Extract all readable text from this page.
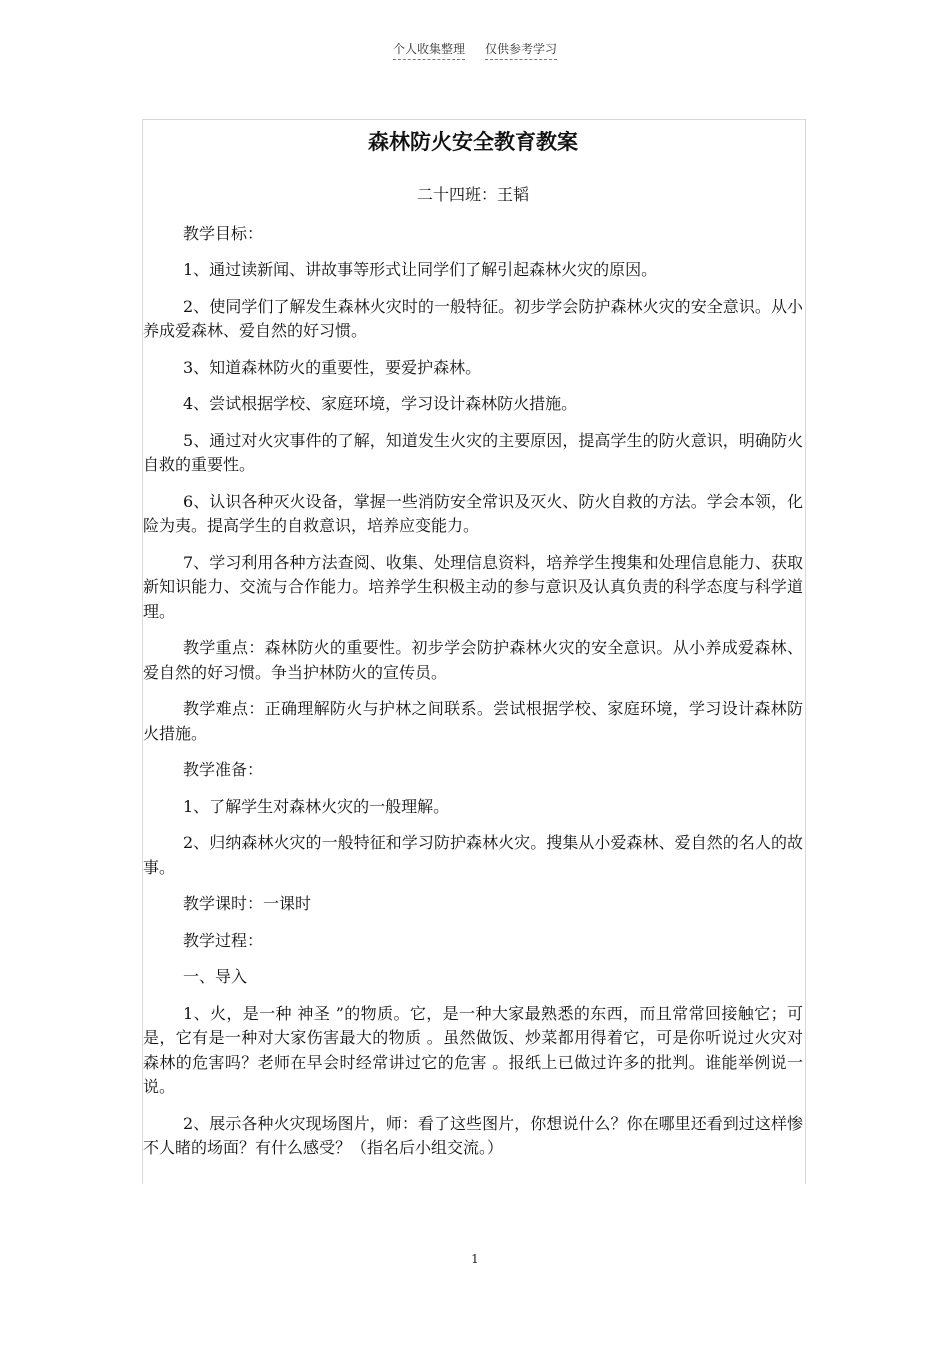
个人收集整理 仅供参考学习
森林防火安全教育教案

二十四班：王韬

教学目标：

1、通过读新闻、讲故事等形式让同学们了解引起森林火灾的原因。

2、使同学们了解发生森林火灾时的一般特征。初步学会防护森林火灾的安全意识。从小养成爱森林、爱自然的好习惯。

3、知道森林防火的重要性，要爱护森林。

4、尝试根据学校、家庭环境，学习设计森林防火措施。

5、通过对火灾事件的了解，知道发生火灾的主要原因，提高学生的防火意识，明确防火自救的重要性。

6、认识各种灭火设备，掌握一些消防安全常识及灭火、防火自救的方法。学会本领，化险为夷。提高学生的自救意识，培养应变能力。

7、学习利用各种方法查阅、收集、处理信息资料，培养学生搜集和处理信息能力、获取新知识能力、交流与合作能力。培养学生积极主动的参与意识及认真负责的科学态度与科学道理。

教学重点：森林防火的重要性。初步学会防护森林火灾的安全意识。从小养成爱森林、爱自然的好习惯。争当护林防火的宣传员。

教学难点：正确理解防火与护林之间联系。尝试根据学校、家庭环境，学习设计森林防火措施。

教学准备：

1、了解学生对森林火灾的一般理解。

2、归纳森林火灾的一般特征和学习防护森林火灾。搜集从小爱森林、爱自然的名人的故事。

教学课时：一课时

教学过程：

一、导入

1、火，是一种 神圣 ”的物质。它，是一种大家最熟悉的东西，而且常常回接触它；可是，它有是一种对大家伤害最大的物质 。虽然做饭、炒菜都用得着它，可是你听说过火灾对森林的危害吗？老师在早会时经常讲过它的危害 。报纸上已做过许多的批判。谁能举例说一说。

2、展示各种火灾现场图片，师：看了这些图片，你想说什么？你在哪里还看到过这样惨不人睹的场面？有什么感受？（指名后小组交流。）

1
